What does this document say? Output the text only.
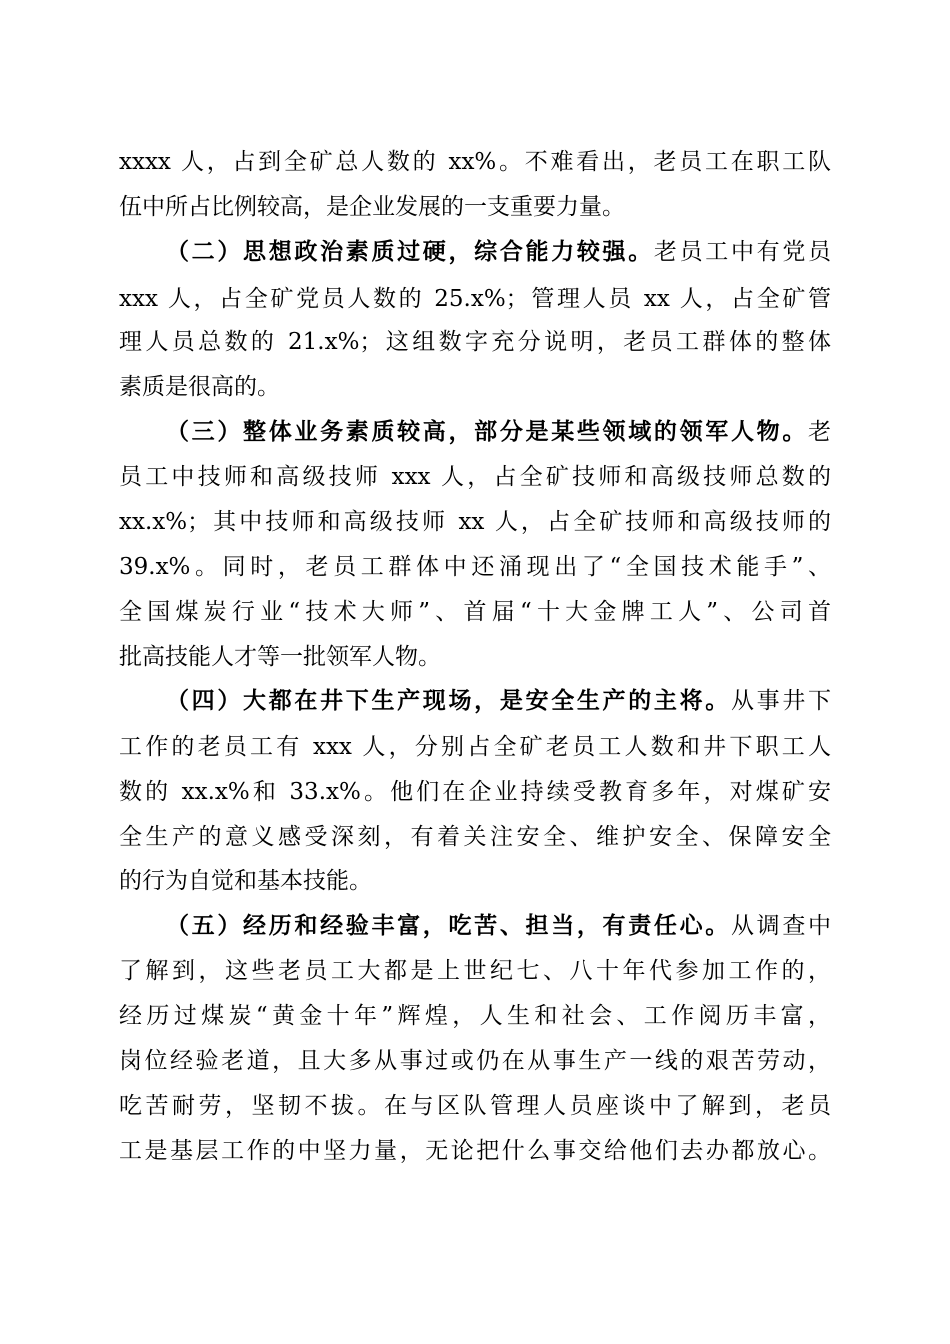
xxxx 人，占到全矿总人数的 xx%。不难看出，老员工在职工队
伍中所占比例较高，是企业发展的一支重要力量。
（二）思想政治素质过硬，综合能力较强。老员工中有党员
xxx 人，占全矿党员人数的 25.x%；管理人员 xx 人，占全矿管
理人员总数的 21.x%；这组数字充分说明，老员工群体的整体
素质是很高的。
（三）整体业务素质较高，部分是某些领域的领军人物。老
员工中技师和高级技师 xxx 人，占全矿技师和高级技师总数的
xx.x%；其中技师和高级技师 xx 人，占全矿技师和高级技师的
39.x%。同时，老员工群体中还涌现出了“全国技术能手”、
全国煤炭行业“技术大师”、首届“十大金牌工人”、公司首
批高技能人才等一批领军人物。
（四）大都在井下生产现场，是安全生产的主将。从事井下
工作的老员工有 xxx 人，分别占全矿老员工人数和井下职工人
数的 xx.x%和 33.x%。他们在企业持续受教育多年，对煤矿安
全生产的意义感受深刻，有着关注安全、维护安全、保障安全
的行为自觉和基本技能。
（五）经历和经验丰富，吃苦、担当，有责任心。从调查中
了解到，这些老员工大都是上世纪七、八十年代参加工作的，
经历过煤炭“黄金十年”辉煌，人生和社会、工作阅历丰富，
岗位经验老道，且大多从事过或仍在从事生产一线的艰苦劳动，
吃苦耐劳，坚韧不拔。在与区队管理人员座谈中了解到，老员
工是基层工作的中坚力量，无论把什么事交给他们去办都放心。
